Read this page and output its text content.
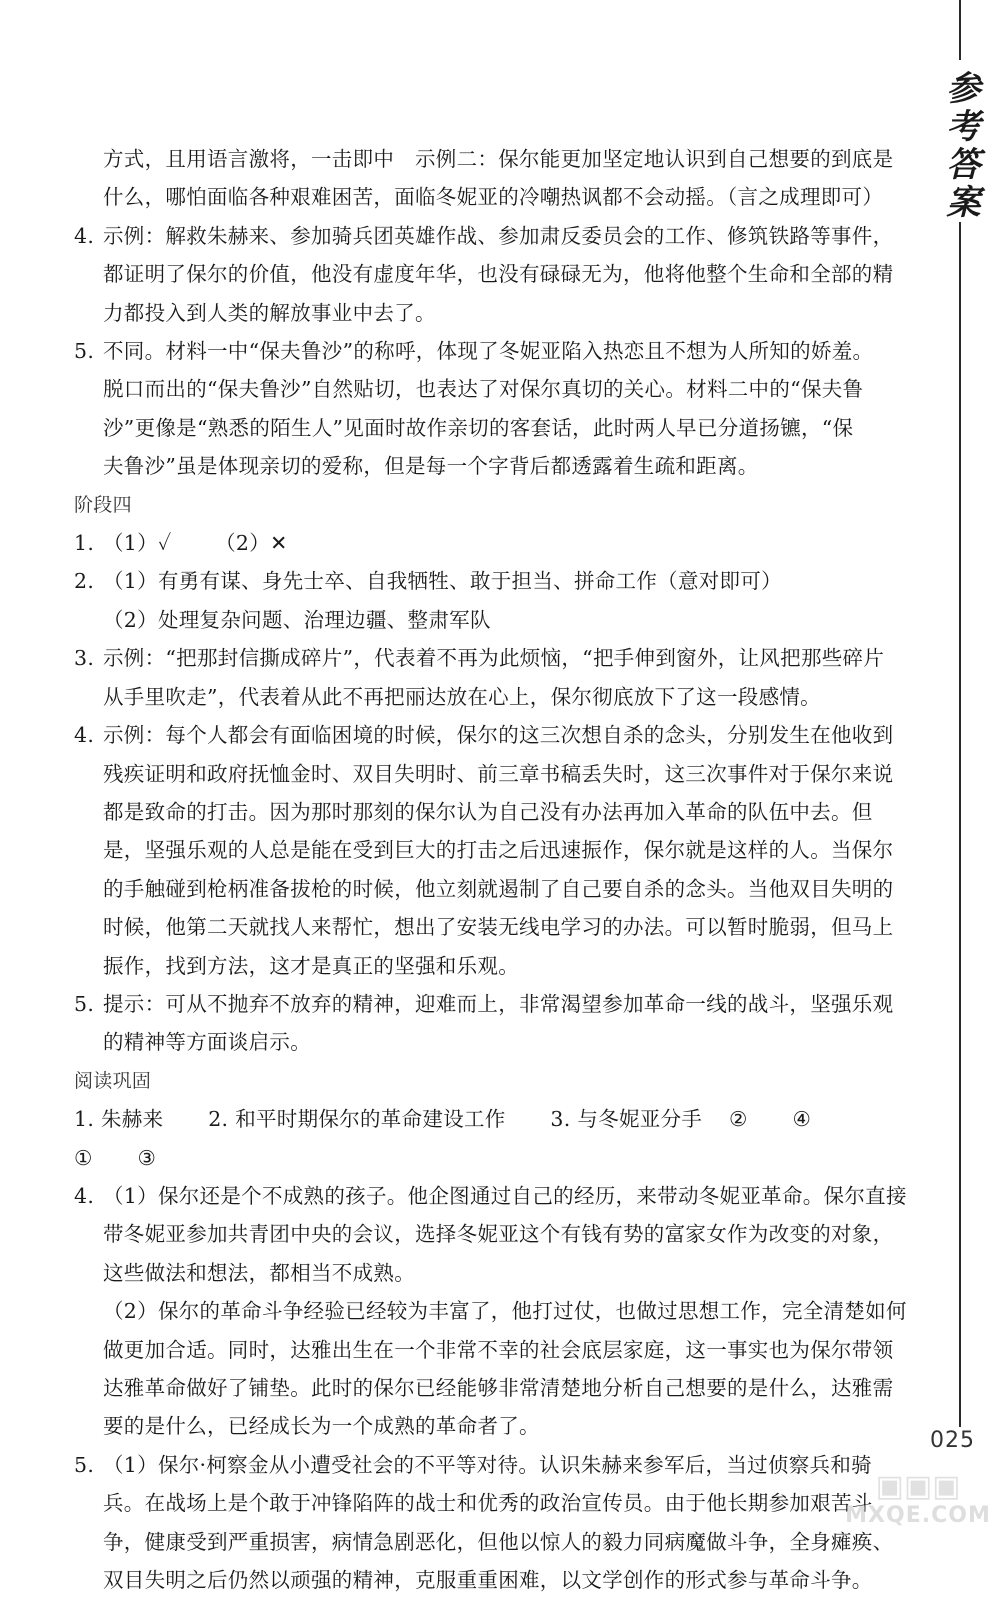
参考答案

方式，且用语言激将，一击即中　示例二：保尔能更加坚定地认识到自己想要的到底是

什么，哪怕面临各种艰难困苦，面临冬妮亚的冷嘲热讽都不会动摇。（言之成理即可）

4. 示例：解救朱赫来、参加骑兵团英雄作战、参加肃反委员会的工作、修筑铁路等事件，

都证明了保尔的价值，他没有虚度年华，也没有碌碌无为，他将他整个生命和全部的精

力都投入到人类的解放事业中去了。

5. 不同。材料一中“保夫鲁沙”的称呼，体现了冬妮亚陷入热恋且不想为人所知的娇羞。

脱口而出的“保夫鲁沙”自然贴切，也表达了对保尔真切的关心。材料二中的“保夫鲁

沙”更像是“熟悉的陌生人”见面时故作亲切的客套话，此时两人早已分道扬镳，“保

夫鲁沙”虽是体现亲切的爱称，但是每一个字背后都透露着生疏和距离。

阶段四

1. （1）✓ （2）✕

2. （1）有勇有谋、身先士卒、自我牺牲、敢于担当、拼命工作（意对即可）

（2）处理复杂问题、治理边疆、整肃军队

3. 示例：“把那封信撕成碎片”，代表着不再为此烦恼，“把手伸到窗外，让风把那些碎片

从手里吹走”，代表着从此不再把丽达放在心上，保尔彻底放下了这一段感情。

4. 示例：每个人都会有面临困境的时候，保尔的这三次想自杀的念头，分别发生在他收到

残疾证明和政府抚恤金时、双目失明时、前三章书稿丢失时，这三次事件对于保尔来说

都是致命的打击。因为那时那刻的保尔认为自己没有办法再加入革命的队伍中去。但

是，坚强乐观的人总是能在受到巨大的打击之后迅速振作，保尔就是这样的人。当保尔

的手触碰到枪柄准备拔枪的时候，他立刻就遏制了自己要自杀的念头。当他双目失明的

时候，他第二天就找人来帮忙，想出了安装无线电学习的办法。可以暂时脆弱，但马上

振作，找到方法，这才是真正的坚强和乐观。

5. 提示：可从不抛弃不放弃的精神，迎难而上，非常渴望参加革命一线的战斗，坚强乐观

的精神等方面谈启示。

阅读巩固

1. 朱赫来 2. 和平时期保尔的革命建设工作 3. 与冬妮亚分手 ② ④ ① ③

4. （1）保尔还是个不成熟的孩子。他企图通过自己的经历，来带动冬妮亚革命。保尔直接

带冬妮亚参加共青团中央的会议，选择冬妮亚这个有钱有势的富家女作为改变的对象，

这些做法和想法，都相当不成熟。

（2）保尔的革命斗争经验已经较为丰富了，他打过仗，也做过思想工作，完全清楚如何

做更加合适。同时，达雅出生在一个非常不幸的社会底层家庭，这一事实也为保尔带领

达雅革命做好了铺垫。此时的保尔已经能够非常清楚地分析自己想要的是什么，达雅需

要的是什么，已经成长为一个成熟的革命者了。

5. （1）保尔·柯察金从小遭受社会的不平等对待。认识朱赫来参军后，当过侦察兵和骑

兵。在战场上是个敢于冲锋陷阵的战士和优秀的政治宣传员。由于他长期参加艰苦斗

争，健康受到严重损害，病情急剧恶化，但他以惊人的毅力同病魔做斗争，全身瘫痪、

双目失明之后仍然以顽强的精神，克服重重困难，以文学创作的形式参与革命斗争。

025
▣▣▣
MXQE.COM
